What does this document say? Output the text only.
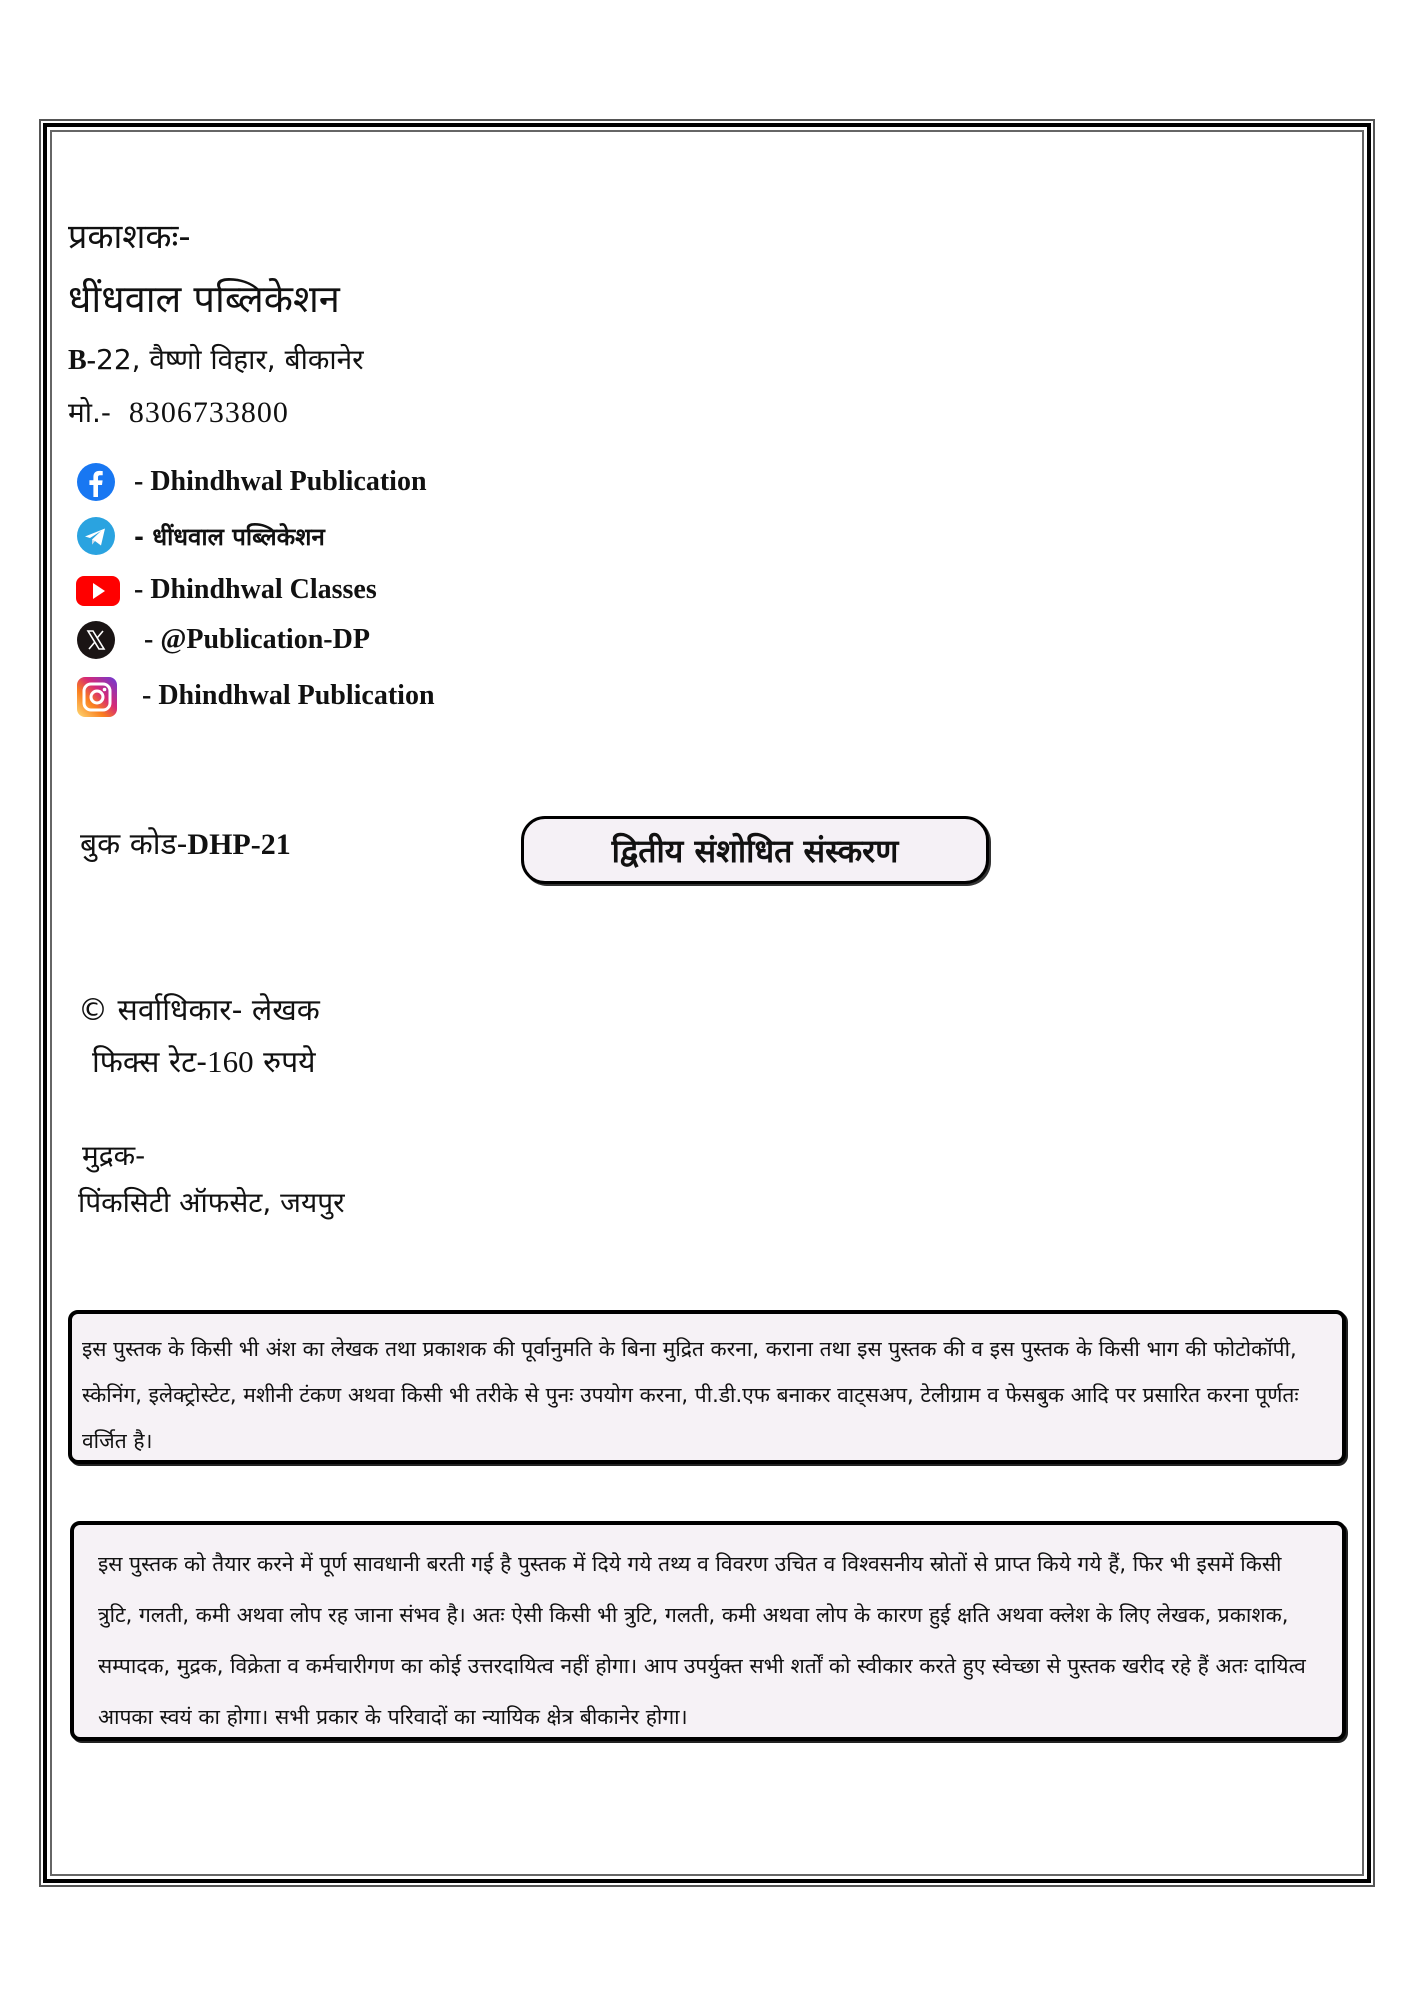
प्रकाशकः-
धींधवाल पब्लिकेशन
B-22, वैष्णो विहार, बीकानेर
मो.- 8306733800
- Dhindhwal Publication
- धींधवाल पब्लिकेशन
- Dhindhwal Classes
- @Publication-DP
- Dhindhwal Publication
बुक कोड-DHP-21	द्वितीय संशोधित संस्करण
© सर्वाधिकार- लेखक
फिक्स रेट-160 रुपये
मुद्रक-
पिंकसिटी ऑफसेट, जयपुर

इस पुस्तक के किसी भी अंश का लेखक तथा प्रकाशक की पूर्वानुमति के बिना मुद्रित करना, कराना तथा इस पुस्तक की व इस पुस्तक के किसी भाग की फोटोकॉपी, स्केनिंग, इलेक्ट्रोस्टेट, मशीनी टंकण अथवा किसी भी तरीके से पुनः उपयोग करना, पी.डी.एफ बनाकर वाट्सअप, टेलीग्राम व फेसबुक आदि पर प्रसारित करना पूर्णतः वर्जित है।

इस पुस्तक को तैयार करने में पूर्ण सावधानी बरती गई है पुस्तक में दिये गये तथ्य व विवरण उचित व विश्वसनीय स्रोतों से प्राप्त किये गये हैं, फिर भी इसमें किसी त्रुटि, गलती, कमी अथवा लोप रह जाना संभव है। अतः ऐसी किसी भी त्रुटि, गलती, कमी अथवा लोप के कारण हुई क्षति अथवा क्लेश के लिए लेखक, प्रकाशक, सम्पादक, मुद्रक, विक्रेता व कर्मचारीगण का कोई उत्तरदायित्व नहीं होगा। आप उपर्युक्त सभी शर्तों को स्वीकार करते हुए स्वेच्छा से पुस्तक खरीद रहे हैं अतः दायित्व आपका स्वयं का होगा। सभी प्रकार के परिवादों का न्यायिक क्षेत्र बीकानेर होगा।
